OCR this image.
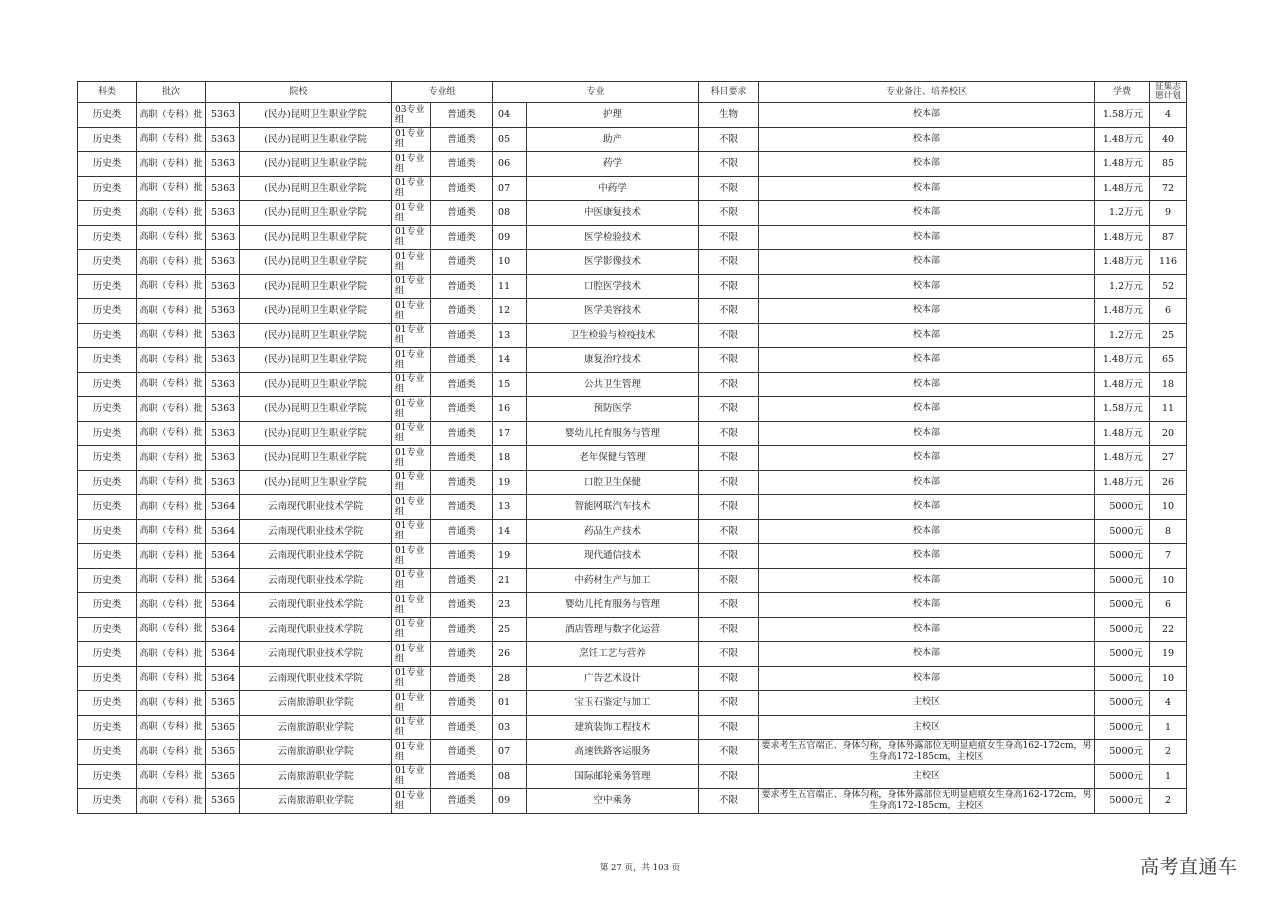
科类	批次	院校		专业组		专业		科目要求	专业备注、培养校区	学费	征集志愿计划
历史类	高职（专科）批	5363	(民办)昆明卫生职业学院	03专业组	普通类	04	护理	生物	校本部	1.58万元	4
历史类	高职（专科）批	5363	(民办)昆明卫生职业学院	01专业组	普通类	05	助产	不限	校本部	1.48万元	40
历史类	高职（专科）批	5363	(民办)昆明卫生职业学院	01专业组	普通类	06	药学	不限	校本部	1.48万元	85
历史类	高职（专科）批	5363	(民办)昆明卫生职业学院	01专业组	普通类	07	中药学	不限	校本部	1.48万元	72
历史类	高职（专科）批	5363	(民办)昆明卫生职业学院	01专业组	普通类	08	中医康复技术	不限	校本部	1.2万元	9
历史类	高职（专科）批	5363	(民办)昆明卫生职业学院	01专业组	普通类	09	医学检验技术	不限	校本部	1.48万元	87
历史类	高职（专科）批	5363	(民办)昆明卫生职业学院	01专业组	普通类	10	医学影像技术	不限	校本部	1.48万元	116
历史类	高职（专科）批	5363	(民办)昆明卫生职业学院	01专业组	普通类	11	口腔医学技术	不限	校本部	1.2万元	52
历史类	高职（专科）批	5363	(民办)昆明卫生职业学院	01专业组	普通类	12	医学美容技术	不限	校本部	1.48万元	6
历史类	高职（专科）批	5363	(民办)昆明卫生职业学院	01专业组	普通类	13	卫生检验与检疫技术	不限	校本部	1.2万元	25
历史类	高职（专科）批	5363	(民办)昆明卫生职业学院	01专业组	普通类	14	康复治疗技术	不限	校本部	1.48万元	65
历史类	高职（专科）批	5363	(民办)昆明卫生职业学院	01专业组	普通类	15	公共卫生管理	不限	校本部	1.48万元	18
历史类	高职（专科）批	5363	(民办)昆明卫生职业学院	01专业组	普通类	16	预防医学	不限	校本部	1.58万元	11
历史类	高职（专科）批	5363	(民办)昆明卫生职业学院	01专业组	普通类	17	婴幼儿托育服务与管理	不限	校本部	1.48万元	20
历史类	高职（专科）批	5363	(民办)昆明卫生职业学院	01专业组	普通类	18	老年保健与管理	不限	校本部	1.48万元	27
历史类	高职（专科）批	5363	(民办)昆明卫生职业学院	01专业组	普通类	19	口腔卫生保健	不限	校本部	1.48万元	26
历史类	高职（专科）批	5364	云南现代职业技术学院	01专业组	普通类	13	智能网联汽车技术	不限	校本部	5000元	10
历史类	高职（专科）批	5364	云南现代职业技术学院	01专业组	普通类	14	药品生产技术	不限	校本部	5000元	8
历史类	高职（专科）批	5364	云南现代职业技术学院	01专业组	普通类	19	现代通信技术	不限	校本部	5000元	7
历史类	高职（专科）批	5364	云南现代职业技术学院	01专业组	普通类	21	中药材生产与加工	不限	校本部	5000元	10
历史类	高职（专科）批	5364	云南现代职业技术学院	01专业组	普通类	23	婴幼儿托育服务与管理	不限	校本部	5000元	6
历史类	高职（专科）批	5364	云南现代职业技术学院	01专业组	普通类	25	酒店管理与数字化运营	不限	校本部	5000元	22
历史类	高职（专科）批	5364	云南现代职业技术学院	01专业组	普通类	26	烹饪工艺与营养	不限	校本部	5000元	19
历史类	高职（专科）批	5364	云南现代职业技术学院	01专业组	普通类	28	广告艺术设计	不限	校本部	5000元	10
历史类	高职（专科）批	5365	云南旅游职业学院	01专业组	普通类	01	宝玉石鉴定与加工	不限	主校区	5000元	4
历史类	高职（专科）批	5365	云南旅游职业学院	01专业组	普通类	03	建筑装饰工程技术	不限	主校区	5000元	1
历史类	高职（专科）批	5365	云南旅游职业学院	01专业组	普通类	07	高速铁路客运服务	不限	要求考生五官端正、身体匀称，身体外露部位无明显疤痕女生身高162-172cm，男生身高172-185cm，主校区	5000元	2
历史类	高职（专科）批	5365	云南旅游职业学院	01专业组	普通类	08	国际邮轮乘务管理	不限	主校区	5000元	1
历史类	高职（专科）批	5365	云南旅游职业学院	01专业组	普通类	09	空中乘务	不限	要求考生五官端正、身体匀称，身体外露部位无明显疤痕女生身高162-172cm，男生身高172-185cm，主校区	5000元	2
第 27 页，共 103 页	高考直通车
